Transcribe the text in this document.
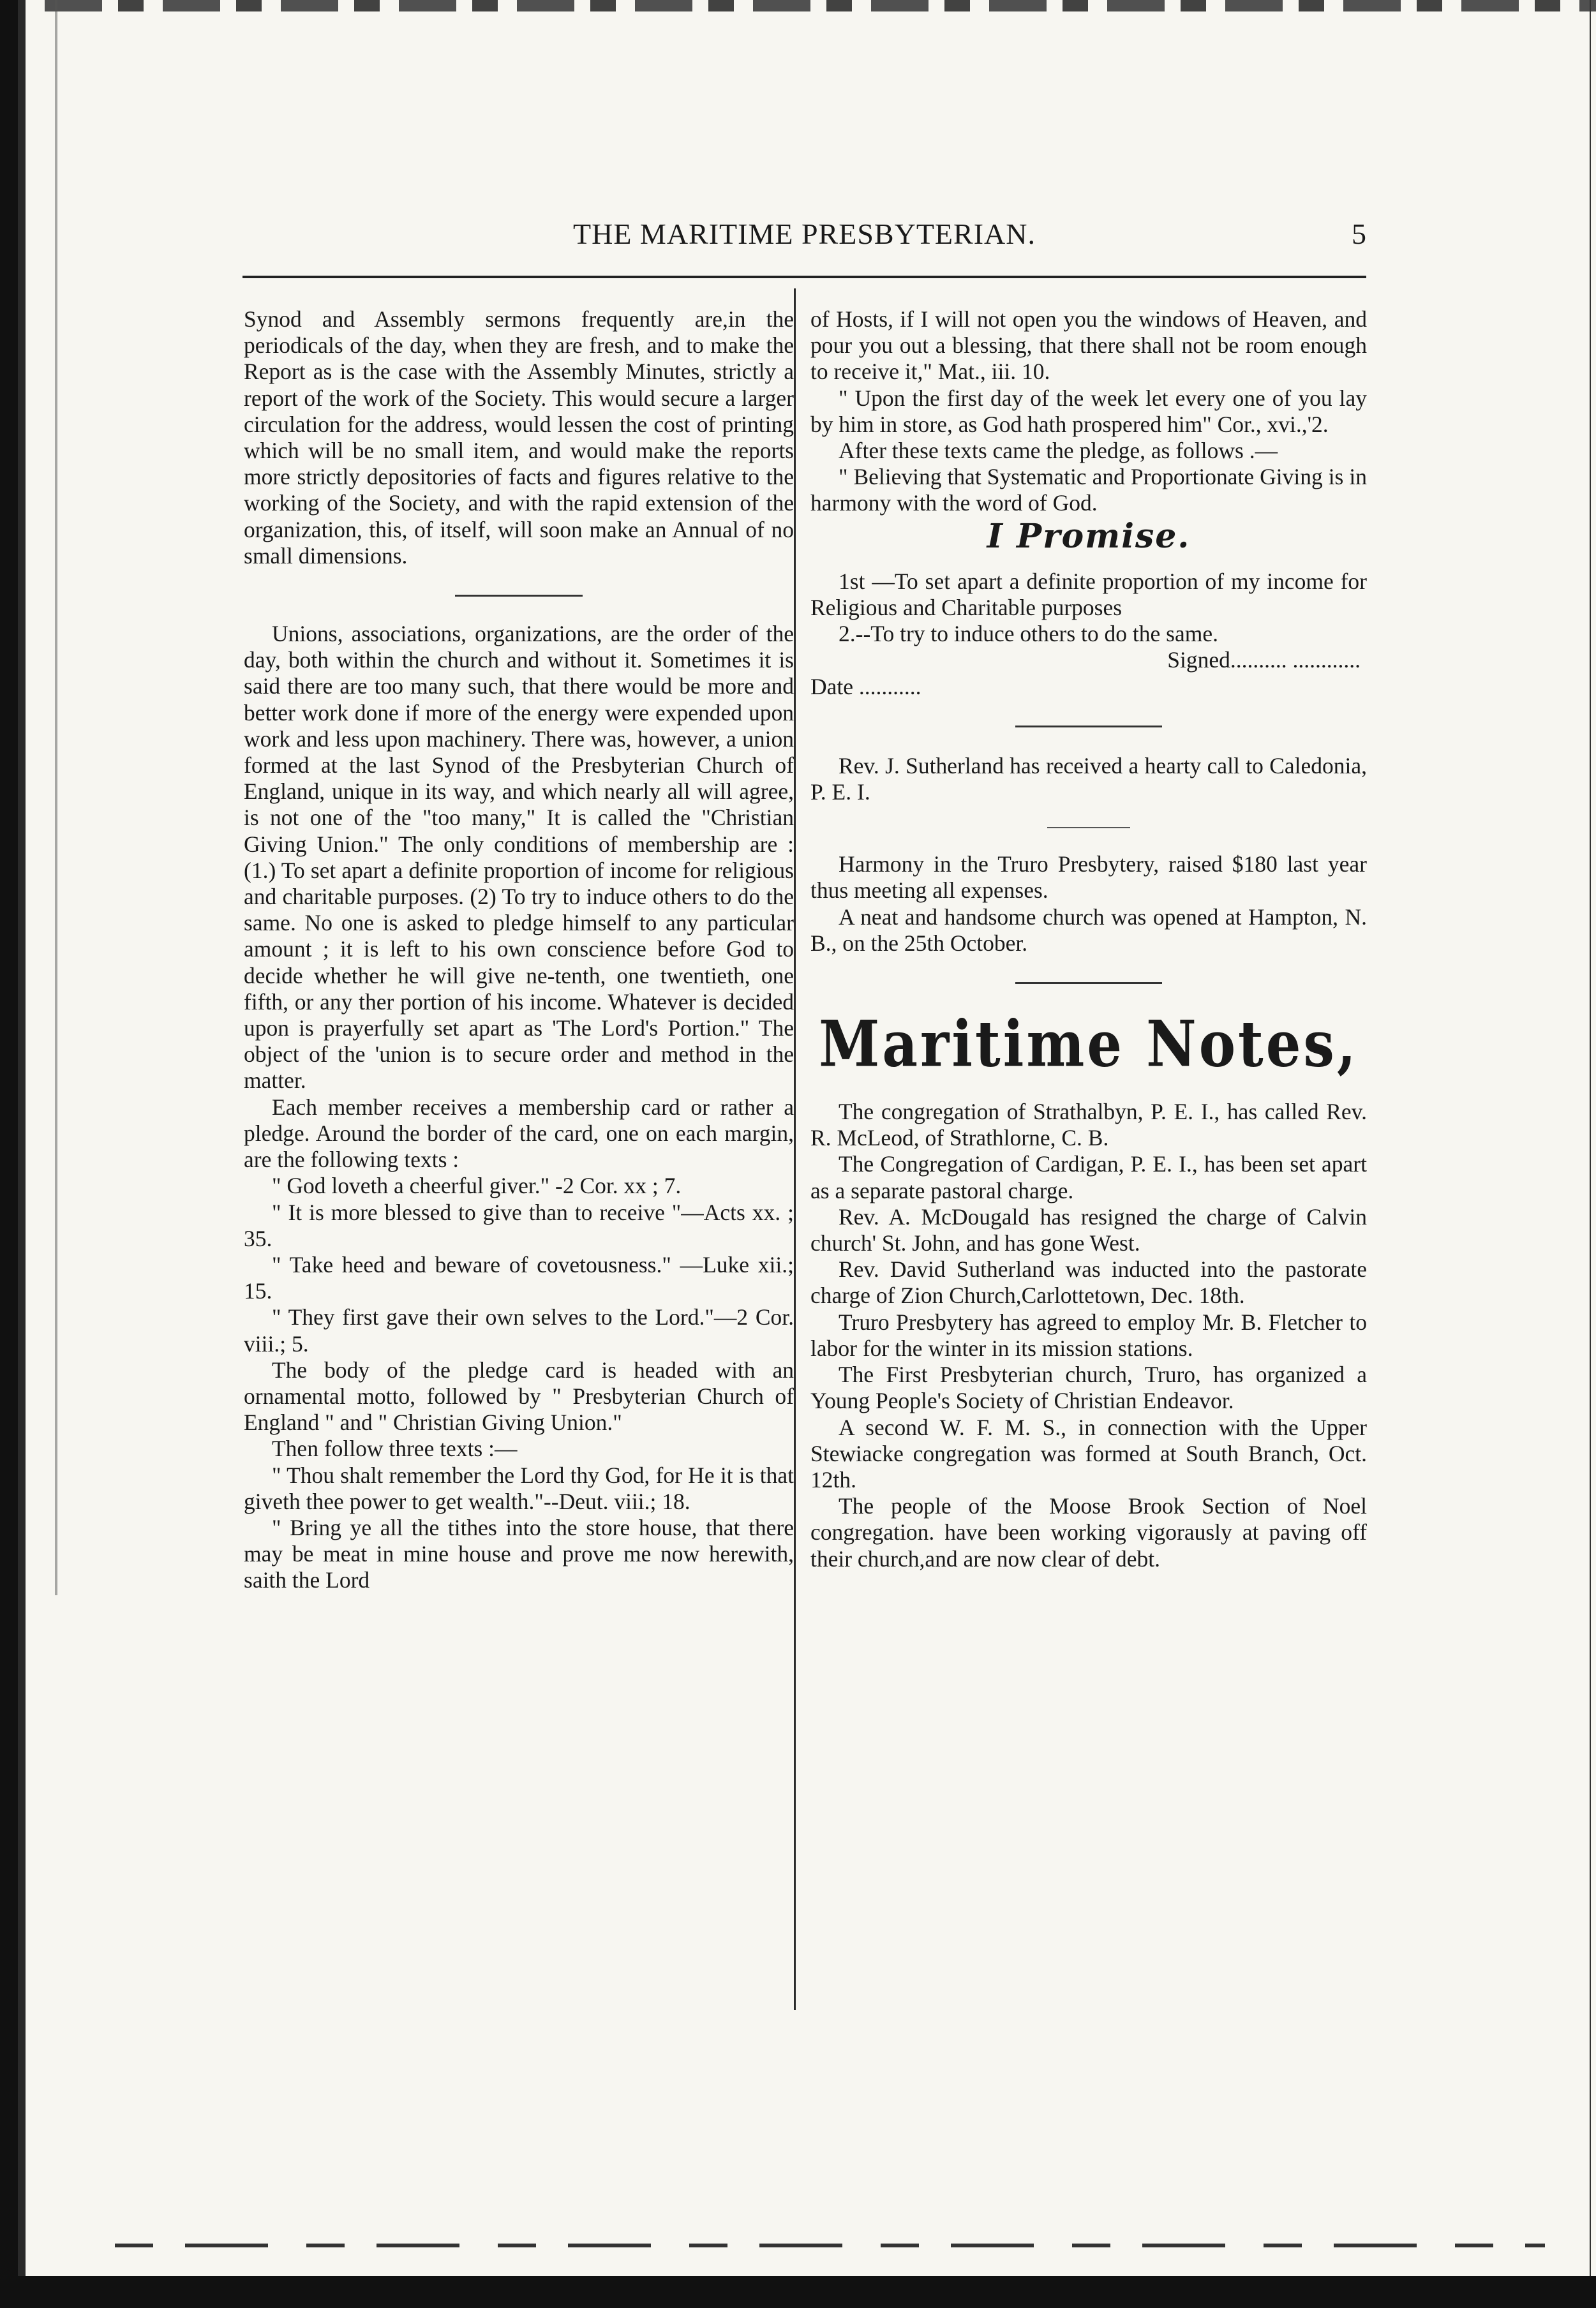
THE MARITIME PRESBYTERIAN.	5

Synod and Assembly sermons frequently are,in the periodicals of the day, when they are fresh, and to make the Report as is the case with the Assembly Minutes, strictly a report of the work of the Society. This would secure a larger circulation for the address, would lessen the cost of printing which will be no small item, and would make the reports more strictly depositories of facts and figures relative to the working of the Society, and with the rapid extension of the organization, this, of itself, will soon make an Annual of no small dimensions.

Unions, associations, organizations, are the order of the day, both within the church and without it. Sometimes it is said there are too many such, that there would be more and better work done if more of the energy were expended upon work and less upon machinery. There was, however, a union formed at the last Synod of the Presbyterian Church of England, unique in its way, and which nearly all will agree, is not one of the "too many," It is called the "Christian Giving Union." The only conditions of membership are : (1.) To set apart a definite proportion of income for religious and charitable purposes. (2) To try to induce others to do the same. No one is asked to pledge himself to any particular amount ; it is left to his own conscience before God to decide whether he will give ne-tenth, one twentieth, one fifth, or any ther portion of his income. Whatever is decided upon is prayerfully set apart as 'The Lord's Portion." The object of the 'union is to secure order and method in the matter.

Each member receives a membership card or rather a pledge. Around the border of the card, one on each margin, are the following texts :

" God loveth a cheerful giver." -2 Cor. xx ; 7.

" It is more blessed to give than to receive "—Acts xx. ; 35.

" Take heed and beware of covetousness." —Luke xii.; 15.

" They first gave their own selves to the Lord."—2 Cor. viii.; 5.

The body of the pledge card is headed with an ornamental motto, followed by " Presbyterian Church of England " and " Christian Giving Union."

Then follow three texts :—

" Thou shalt remember the Lord thy God, for He it is that giveth thee power to get wealth."--Deut. viii.; 18.

" Bring ye all the tithes into the store house, that there may be meat in mine house and prove me now herewith, saith the Lord

of Hosts, if I will not open you the windows of Heaven, and pour you out a blessing, that there shall not be room enough to receive it," Mat., iii. 10.

" Upon the first day of the week let every one of you lay by him in store, as God hath prospered him" Cor., xvi.,'2.

After these texts came the pledge, as follows .—

" Believing that Systematic and Proportionate Giving is in harmony with the word of God.

I Promise.

1st —To set apart a definite proportion of my income for Religious and Charitable purposes

2.--To try to induce others to do the same.

Signed.......... ............

Date ...........

Rev. J. Sutherland has received a hearty call to Caledonia, P. E. I.

Harmony in the Truro Presbytery, raised $180 last year thus meeting all expenses.

A neat and handsome church was opened at Hampton, N. B., on the 25th October.

Maritime Notes,

The congregation of Strathalbyn, P. E. I., has called Rev. R. McLeod, of Strathlorne, C. B.

The Congregation of Cardigan, P. E. I., has been set apart as a separate pastoral charge.

Rev. A. McDougald has resigned the charge of Calvin church' St. John, and has gone West.

Rev. David Sutherland was inducted into the pastorate charge of Zion Church,Carlottetown, Dec. 18th.

Truro Presbytery has agreed to employ Mr. B. Fletcher to labor for the winter in its mission stations.

The First Presbyterian church, Truro, has organized a Young People's Society of Christian Endeavor.

A second W. F. M. S., in connection with the Upper Stewiacke congregation was formed at South Branch, Oct. 12th.

The people of the Moose Brook Section of Noel congregation. have been working vigorausly at paving off their church,and are now clear of debt.
